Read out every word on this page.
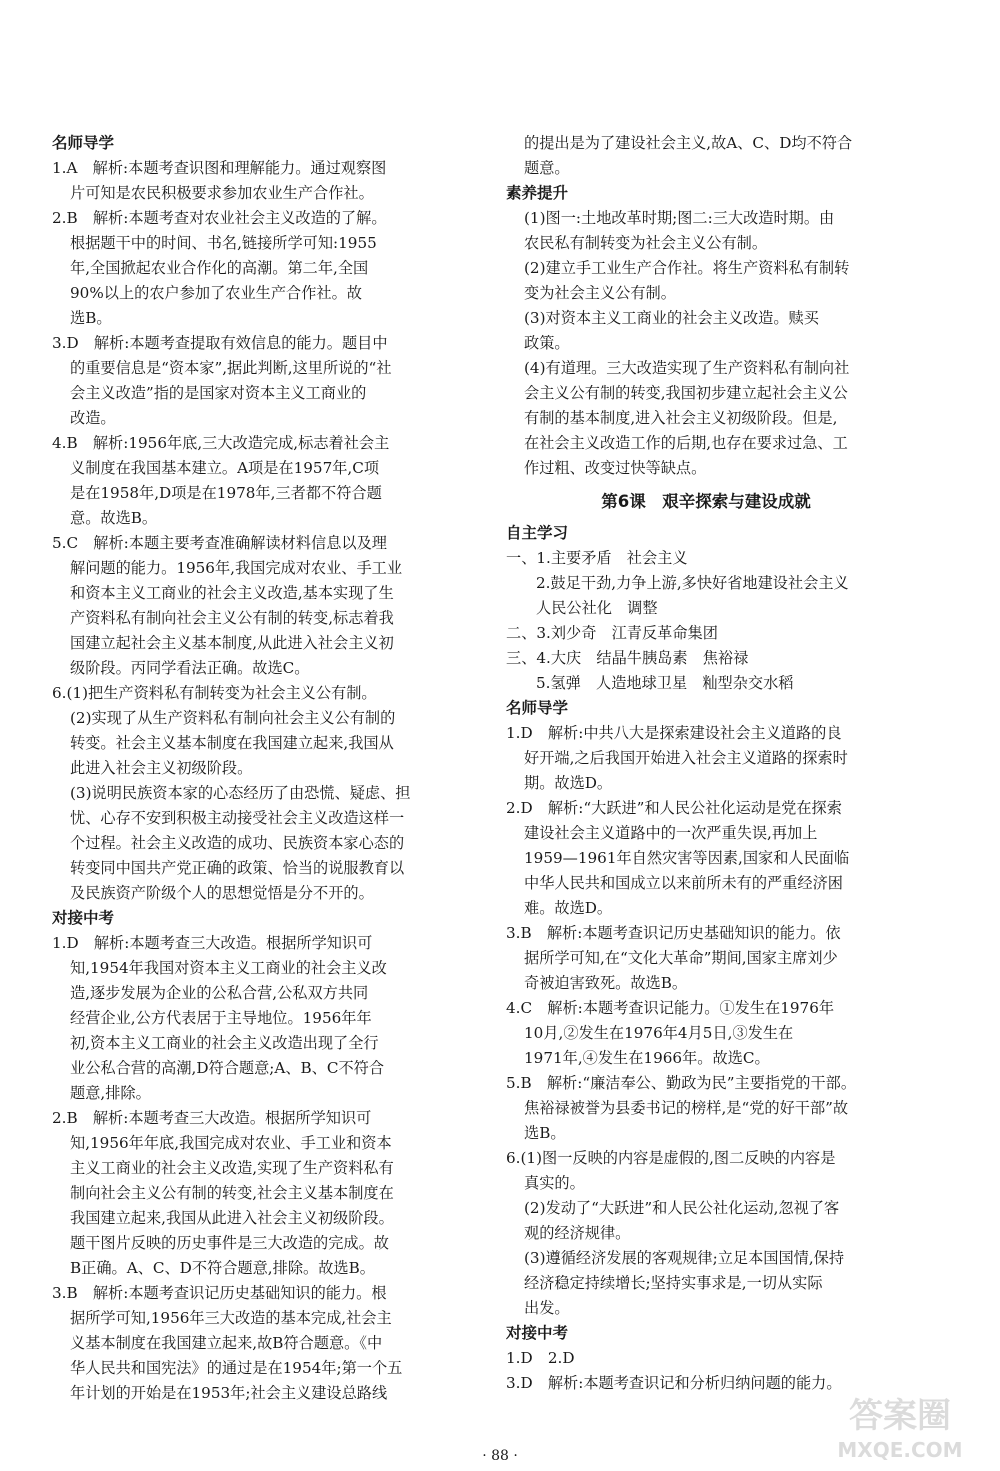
名师导学
1.A　解析:本题考查识图和理解能力。通过观察图
片可知是农民积极要求参加农业生产合作社。
2.B　解析:本题考查对农业社会主义改造的了解。
根据题干中的时间、书名,链接所学可知:1955
年,全国掀起农业合作化的高潮。第二年,全国
90%以上的农户参加了农业生产合作社。故
选B。
3.D　解析:本题考查提取有效信息的能力。题目中
的重要信息是“资本家”,据此判断,这里所说的“社
会主义改造”指的是国家对资本主义工商业的
改造。
4.B　解析:1956年底,三大改造完成,标志着社会主
义制度在我国基本建立。A项是在1957年,C项
是在1958年,D项是在1978年,三者都不符合题
意。故选B。
5.C　解析:本题主要考查准确解读材料信息以及理
解问题的能力。1956年,我国完成对农业、手工业
和资本主义工商业的社会主义改造,基本实现了生
产资料私有制向社会主义公有制的转变,标志着我
国建立起社会主义基本制度,从此进入社会主义初
级阶段。丙同学看法正确。故选C。
6.(1)把生产资料私有制转变为社会主义公有制。
(2)实现了从生产资料私有制向社会主义公有制的
转变。社会主义基本制度在我国建立起来,我国从
此进入社会主义初级阶段。
(3)说明民族资本家的心态经历了由恐慌、疑虑、担
忧、心存不安到积极主动接受社会主义改造这样一
个过程。社会主义改造的成功、民族资本家心态的
转变同中国共产党正确的政策、恰当的说服教育以
及民族资产阶级个人的思想觉悟是分不开的。
对接中考
1.D　解析:本题考查三大改造。根据所学知识可
知,1954年我国对资本主义工商业的社会主义改
造,逐步发展为企业的公私合营,公私双方共同
经营企业,公方代表居于主导地位。1956年年
初,资本主义工商业的社会主义改造出现了全行
业公私合营的高潮,D符合题意;A、B、C不符合
题意,排除。
2.B　解析:本题考查三大改造。根据所学知识可
知,1956年年底,我国完成对农业、手工业和资本
主义工商业的社会主义改造,实现了生产资料私有
制向社会主义公有制的转变,社会主义基本制度在
我国建立起来,我国从此进入社会主义初级阶段。
题干图片反映的历史事件是三大改造的完成。故
B正确。A、C、D不符合题意,排除。故选B。
3.B　解析:本题考查识记历史基础知识的能力。根
据所学可知,1956年三大改造的基本完成,社会主
义基本制度在我国建立起来,故B符合题意。《中
华人民共和国宪法》的通过是在1954年;第一个五
年计划的开始是在1953年;社会主义建设总路线
的提出是为了建设社会主义,故A、C、D均不符合
题意。
素养提升
(1)图一:土地改革时期;图二:三大改造时期。由
农民私有制转变为社会主义公有制。
(2)建立手工业生产合作社。将生产资料私有制转
变为社会主义公有制。
(3)对资本主义工商业的社会主义改造。赎买
政策。
(4)有道理。三大改造实现了生产资料私有制向社
会主义公有制的转变,我国初步建立起社会主义公
有制的基本制度,进入社会主义初级阶段。但是,
在社会主义改造工作的后期,也存在要求过急、工
作过粗、改变过快等缺点。
第6课　艰辛探索与建设成就
自主学习
一、1.主要矛盾　社会主义
2.鼓足干劲,力争上游,多快好省地建设社会主义
人民公社化　调整
二、3.刘少奇　江青反革命集团
三、4.大庆　结晶牛胰岛素　焦裕禄
5.氢弹　人造地球卫星　籼型杂交水稻
名师导学
1.D　解析:中共八大是探索建设社会主义道路的良
好开端,之后我国开始进入社会主义道路的探索时
期。故选D。
2.D　解析:“大跃进”和人民公社化运动是党在探索
建设社会主义道路中的一次严重失误,再加上
1959—1961年自然灾害等因素,国家和人民面临
中华人民共和国成立以来前所未有的严重经济困
难。故选D。
3.B　解析:本题考查识记历史基础知识的能力。依
据所学可知,在“文化大革命”期间,国家主席刘少
奇被迫害致死。故选B。
4.C　解析:本题考查识记能力。①发生在1976年
10月,②发生在1976年4月5日,③发生在
1971年,④发生在1966年。故选C。
5.B　解析:“廉洁奉公、勤政为民”主要指党的干部。
焦裕禄被誉为县委书记的榜样,是“党的好干部”故
选B。
6.(1)图一反映的内容是虚假的,图二反映的内容是
真实的。
(2)发动了“大跃进”和人民公社化运动,忽视了客
观的经济规律。
(3)遵循经济发展的客观规律;立足本国国情,保持
经济稳定持续增长;坚持实事求是,一切从实际
出发。
对接中考
1.D　2.D
3.D　解析:本题考查识记和分析归纳问题的能力。
· 88 ·
答案圈
MXQE.COM
